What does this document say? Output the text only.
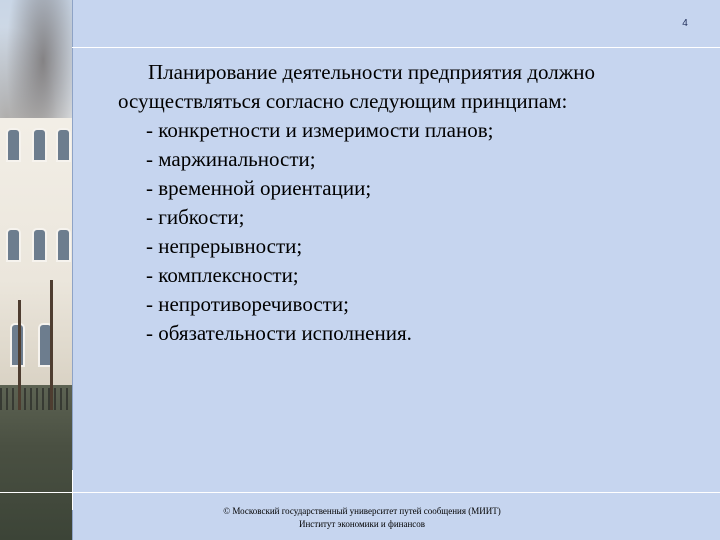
4

Планирование деятельности предприятия должно осуществляться согласно следующим принципам:

- конкретности и измеримости планов;
- маржинальности;
- временной ориентации;
- гибкости;
- непрерывности;
- комплексности;
- непротиворечивости;
- обязательности исполнения.
© Московский государственный университет путей сообщения (МИИТ)
Институт экономики и финансов
